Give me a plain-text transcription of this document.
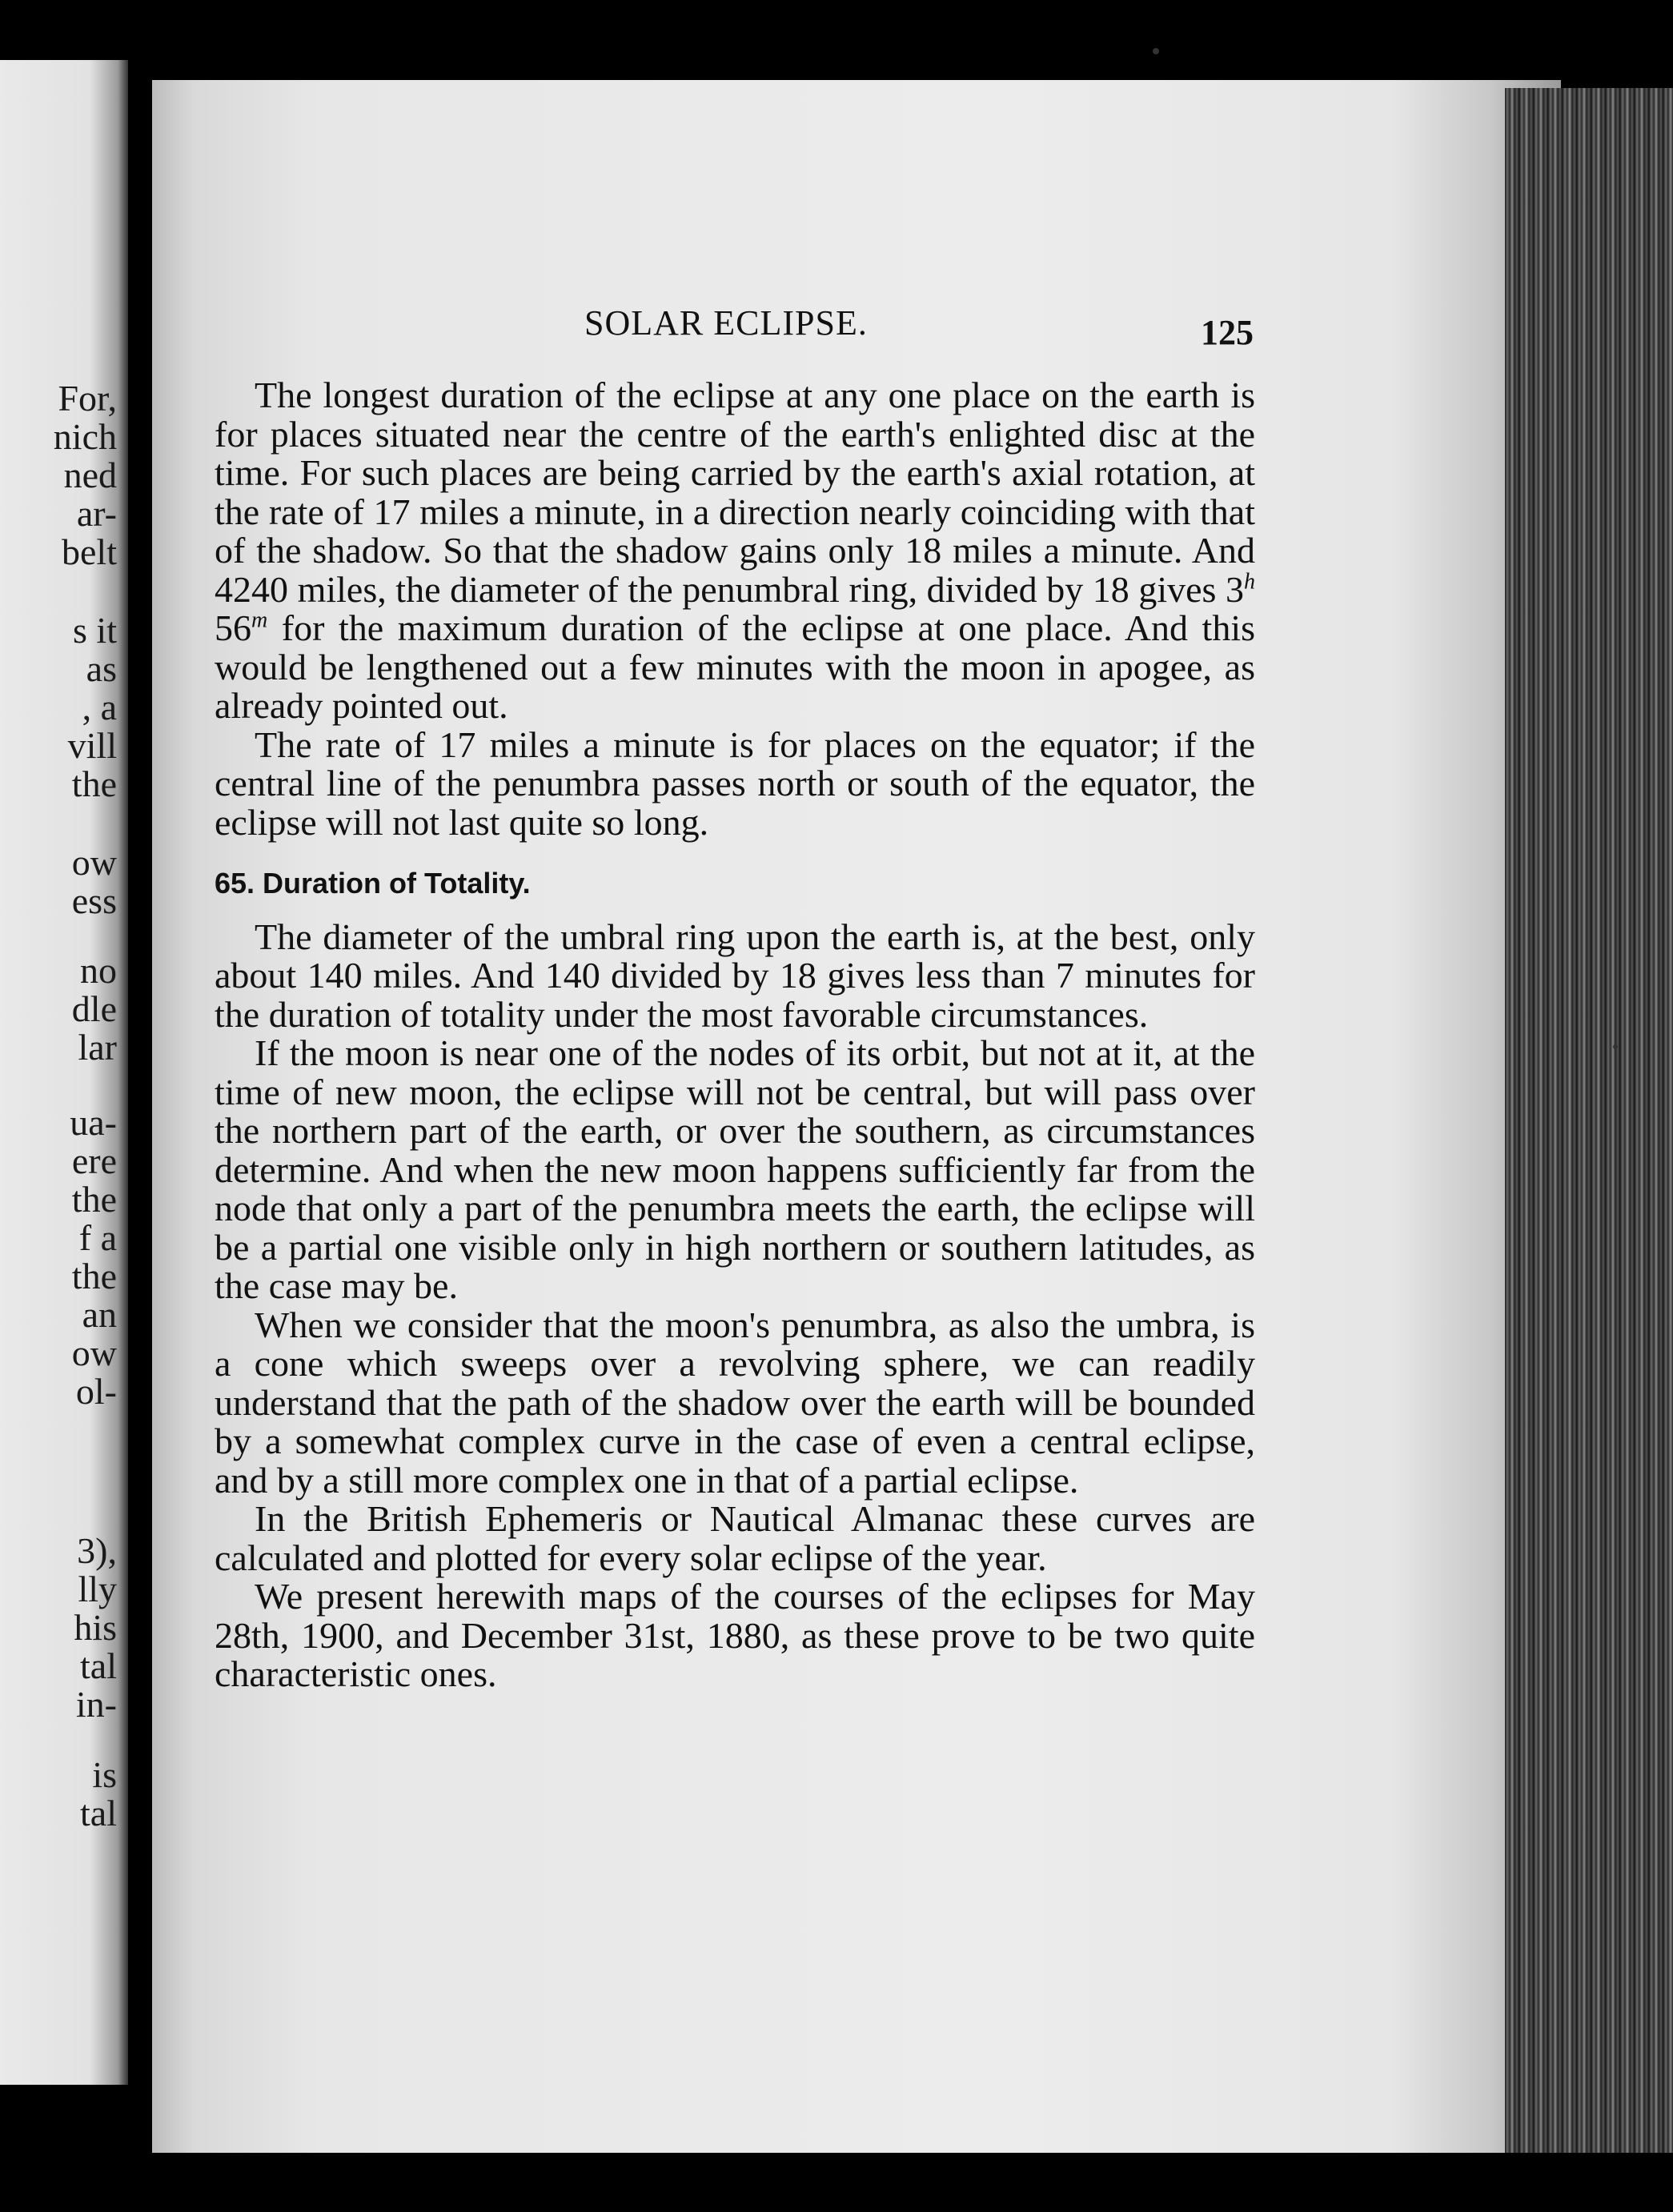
For,
nich
ned
ar-
belt
s it
as
, a
vill
the
ow
ess
no
dle
lar
ua-
ere
the
f a
the
an
ow
ol-
3),
lly
his
tal
in-
is
tal
SOLAR ECLIPSE.	125

The longest duration of the eclipse at any one place on the earth is for places situated near the centre of the earth's enlighted disc at the time. For such places are being carried by the earth's axial rotation, at the rate of 17 miles a minute, in a direction nearly coinciding with that of the shadow. So that the shadow gains only 18 miles a minute. And 4240 miles, the diameter of the penumbral ring, divided by 18 gives 3$^h$ 56$^m$ for the maximum duration of the eclipse at one place. And this would be lengthened out a few minutes with the moon in apogee, as already pointed out.

The rate of 17 miles a minute is for places on the equator; if the central line of the penumbra passes north or south of the equator, the eclipse will not last quite so long.

65. Duration of Totality.

The diameter of the umbral ring upon the earth is, at the best, only about 140 miles. And 140 divided by 18 gives less than 7 minutes for the duration of totality under the most favorable circumstances.

If the moon is near one of the nodes of its orbit, but not at it, at the time of new moon, the eclipse will not be central, but will pass over the northern part of the earth, or over the southern, as circumstances determine. And when the new moon happens sufficiently far from the node that only a part of the penumbra meets the earth, the eclipse will be a partial one visible only in high northern or southern latitudes, as the case may be.

When we consider that the moon's penumbra, as also the umbra, is a cone which sweeps over a revolving sphere, we can readily understand that the path of the shadow over the earth will be bounded by a somewhat complex curve in the case of even a central eclipse, and by a still more complex one in that of a partial eclipse.

In the British Ephemeris or Nautical Almanac these curves are calculated and plotted for every solar eclipse of the year.

We present herewith maps of the courses of the eclipses for May 28th, 1900, and December 31st, 1880, as these prove to be two quite characteristic ones.
